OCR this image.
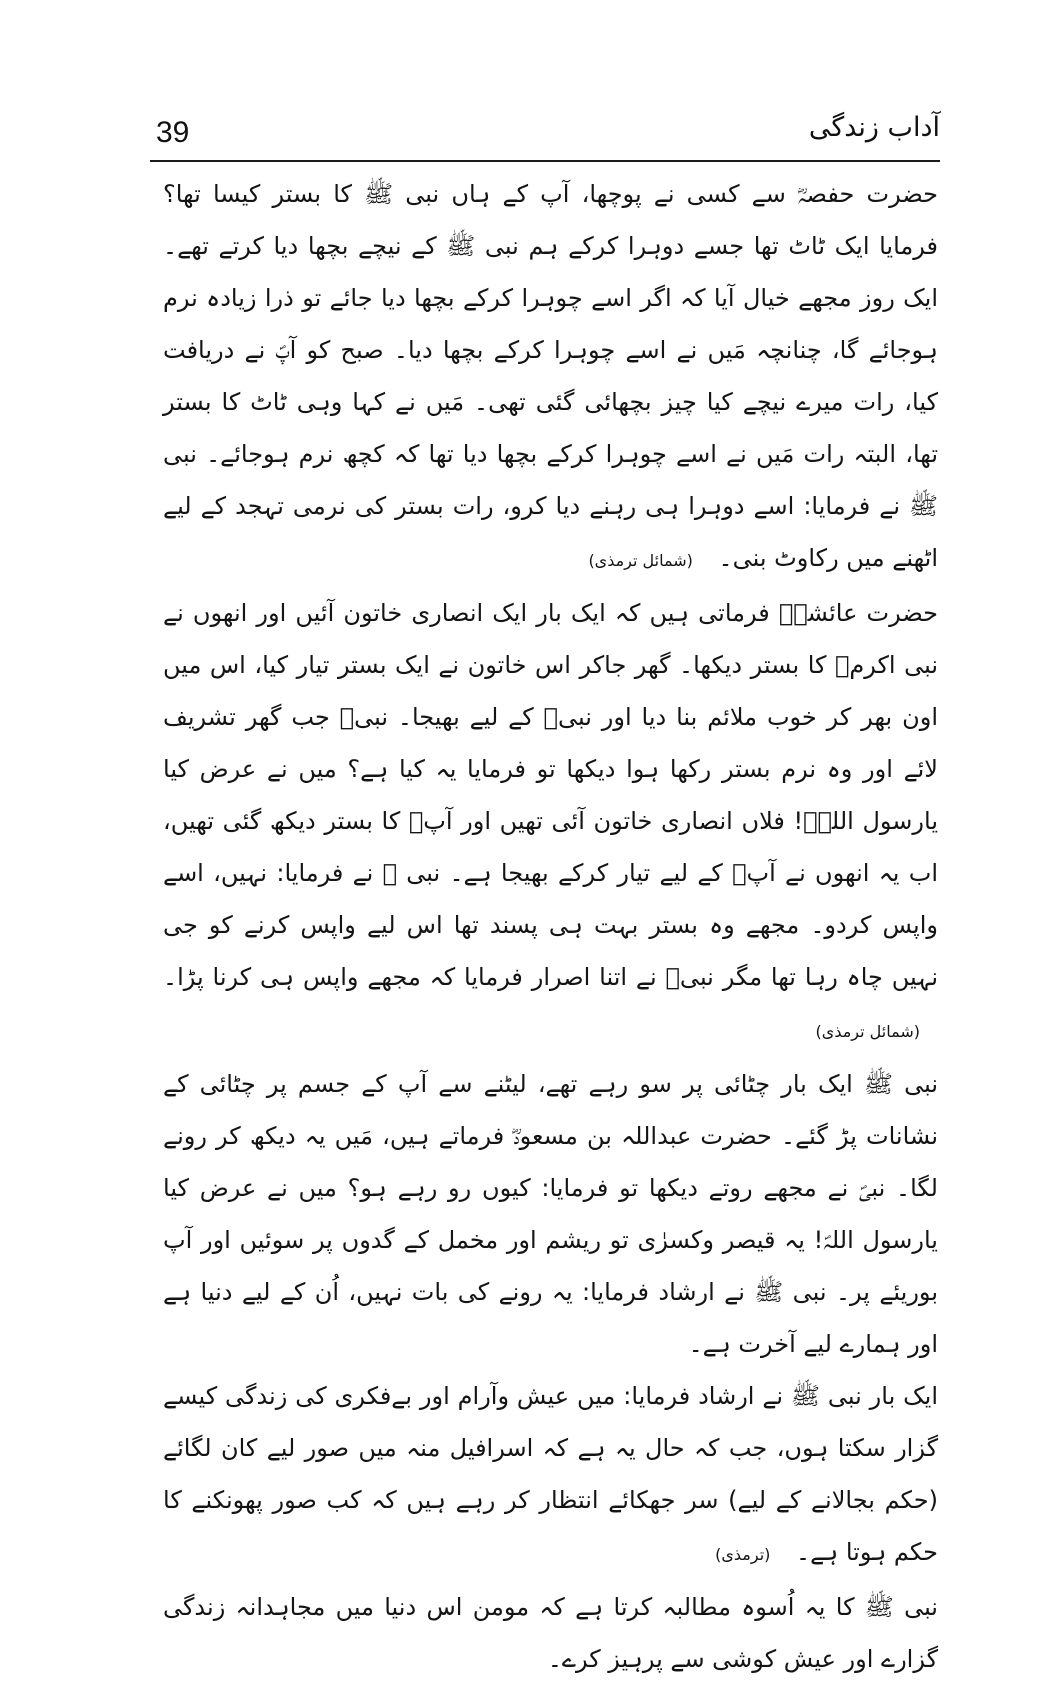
39	آداب زندگی

حضرت حفصہؓ سے کسی نے پوچھا، آپ کے ہاں نبی ﷺ کا بستر کیسا تھا؟ فرمایا ایک ٹاٹ تھا جسے دوہرا کرکے ہم نبی ﷺ کے نیچے بچھا دیا کرتے تھے۔ ایک روز مجھے خیال آیا کہ اگر اسے چوہرا کرکے بچھا دیا جائے تو ذرا زیادہ نرم ہوجائے گا، چنانچہ مَیں نے اسے چوہرا کرکے بچھا دیا۔ صبح کو آپؐ نے دریافت کیا، رات میرے نیچے کیا چیز بچھائی گئی تھی۔ مَیں نے کہا وہی ٹاٹ کا بستر تھا، البتہ رات مَیں نے اسے چوہرا کرکے بچھا دیا تھا کہ کچھ نرم ہوجائے۔ نبی ﷺ نے فرمایا: اسے دوہرا ہی رہنے دیا کرو، رات بستر کی نرمی تہجد کے لیے اٹھنے میں رکاوٹ بنی۔ (شمائل ترمذی)

حضرت عائشہؓ فرماتی ہیں کہ ایک بار ایک انصاری خاتون آئیں اور انھوں نے نبی اکرمؐ کا بستر دیکھا۔ گھر جاکر اس خاتون نے ایک بستر تیار کیا، اس میں اون بھر کر خوب ملائم بنا دیا اور نبیؐ کے لیے بھیجا۔ نبیؐ جب گھر تشریف لائے اور وہ نرم بستر رکھا ہوا دیکھا تو فرمایا یہ کیا ہے؟ میں نے عرض کیا یارسول اللہؐ! فلاں انصاری خاتون آئی تھیں اور آپؐ کا بستر دیکھ گئی تھیں، اب یہ انھوں نے آپؐ کے لیے تیار کرکے بھیجا ہے۔ نبی ﷺ نے فرمایا: نہیں، اسے واپس کردو۔ مجھے وہ بستر بہت ہی پسند تھا اس لیے واپس کرنے کو جی نہیں چاہ رہا تھا مگر نبیؐ نے اتنا اصرار فرمایا کہ مجھے واپس ہی کرنا پڑا۔ (شمائل ترمذی)

نبی ﷺ ایک بار چٹائی پر سو رہے تھے، لیٹنے سے آپ کے جسم پر چٹائی کے نشانات پڑ گئے۔ حضرت عبداللہ بن مسعودؓ فرماتے ہیں، مَیں یہ دیکھ کر رونے لگا۔ نبیؐ نے مجھے روتے دیکھا تو فرمایا: کیوں رو رہے ہو؟ میں نے عرض کیا یارسول اللہؐ! یہ قیصر وکسرٰی تو ریشم اور مخمل کے گدوں پر سوئیں اور آپ بوریئے پر۔ نبی ﷺ نے ارشاد فرمایا: یہ رونے کی بات نہیں، اُن کے لیے دنیا ہے اور ہمارے لیے آخرت ہے۔

ایک بار نبی ﷺ نے ارشاد فرمایا: میں عیش وآرام اور بےفکری کی زندگی کیسے گزار سکتا ہوں، جب کہ حال یہ ہے کہ اسرافیل منہ میں صور لیے کان لگائے (حکم بجالانے کے لیے) سر جھکائے انتظار کر رہے ہیں کہ کب صور پھونکنے کا حکم ہوتا ہے۔ (ترمذی)

نبی ﷺ کا یہ اُسوہ مطالبہ کرتا ہے کہ مومن اس دنیا میں مجاہدانہ زندگی گزارے اور عیش کوشی سے پرہیز کرے۔
